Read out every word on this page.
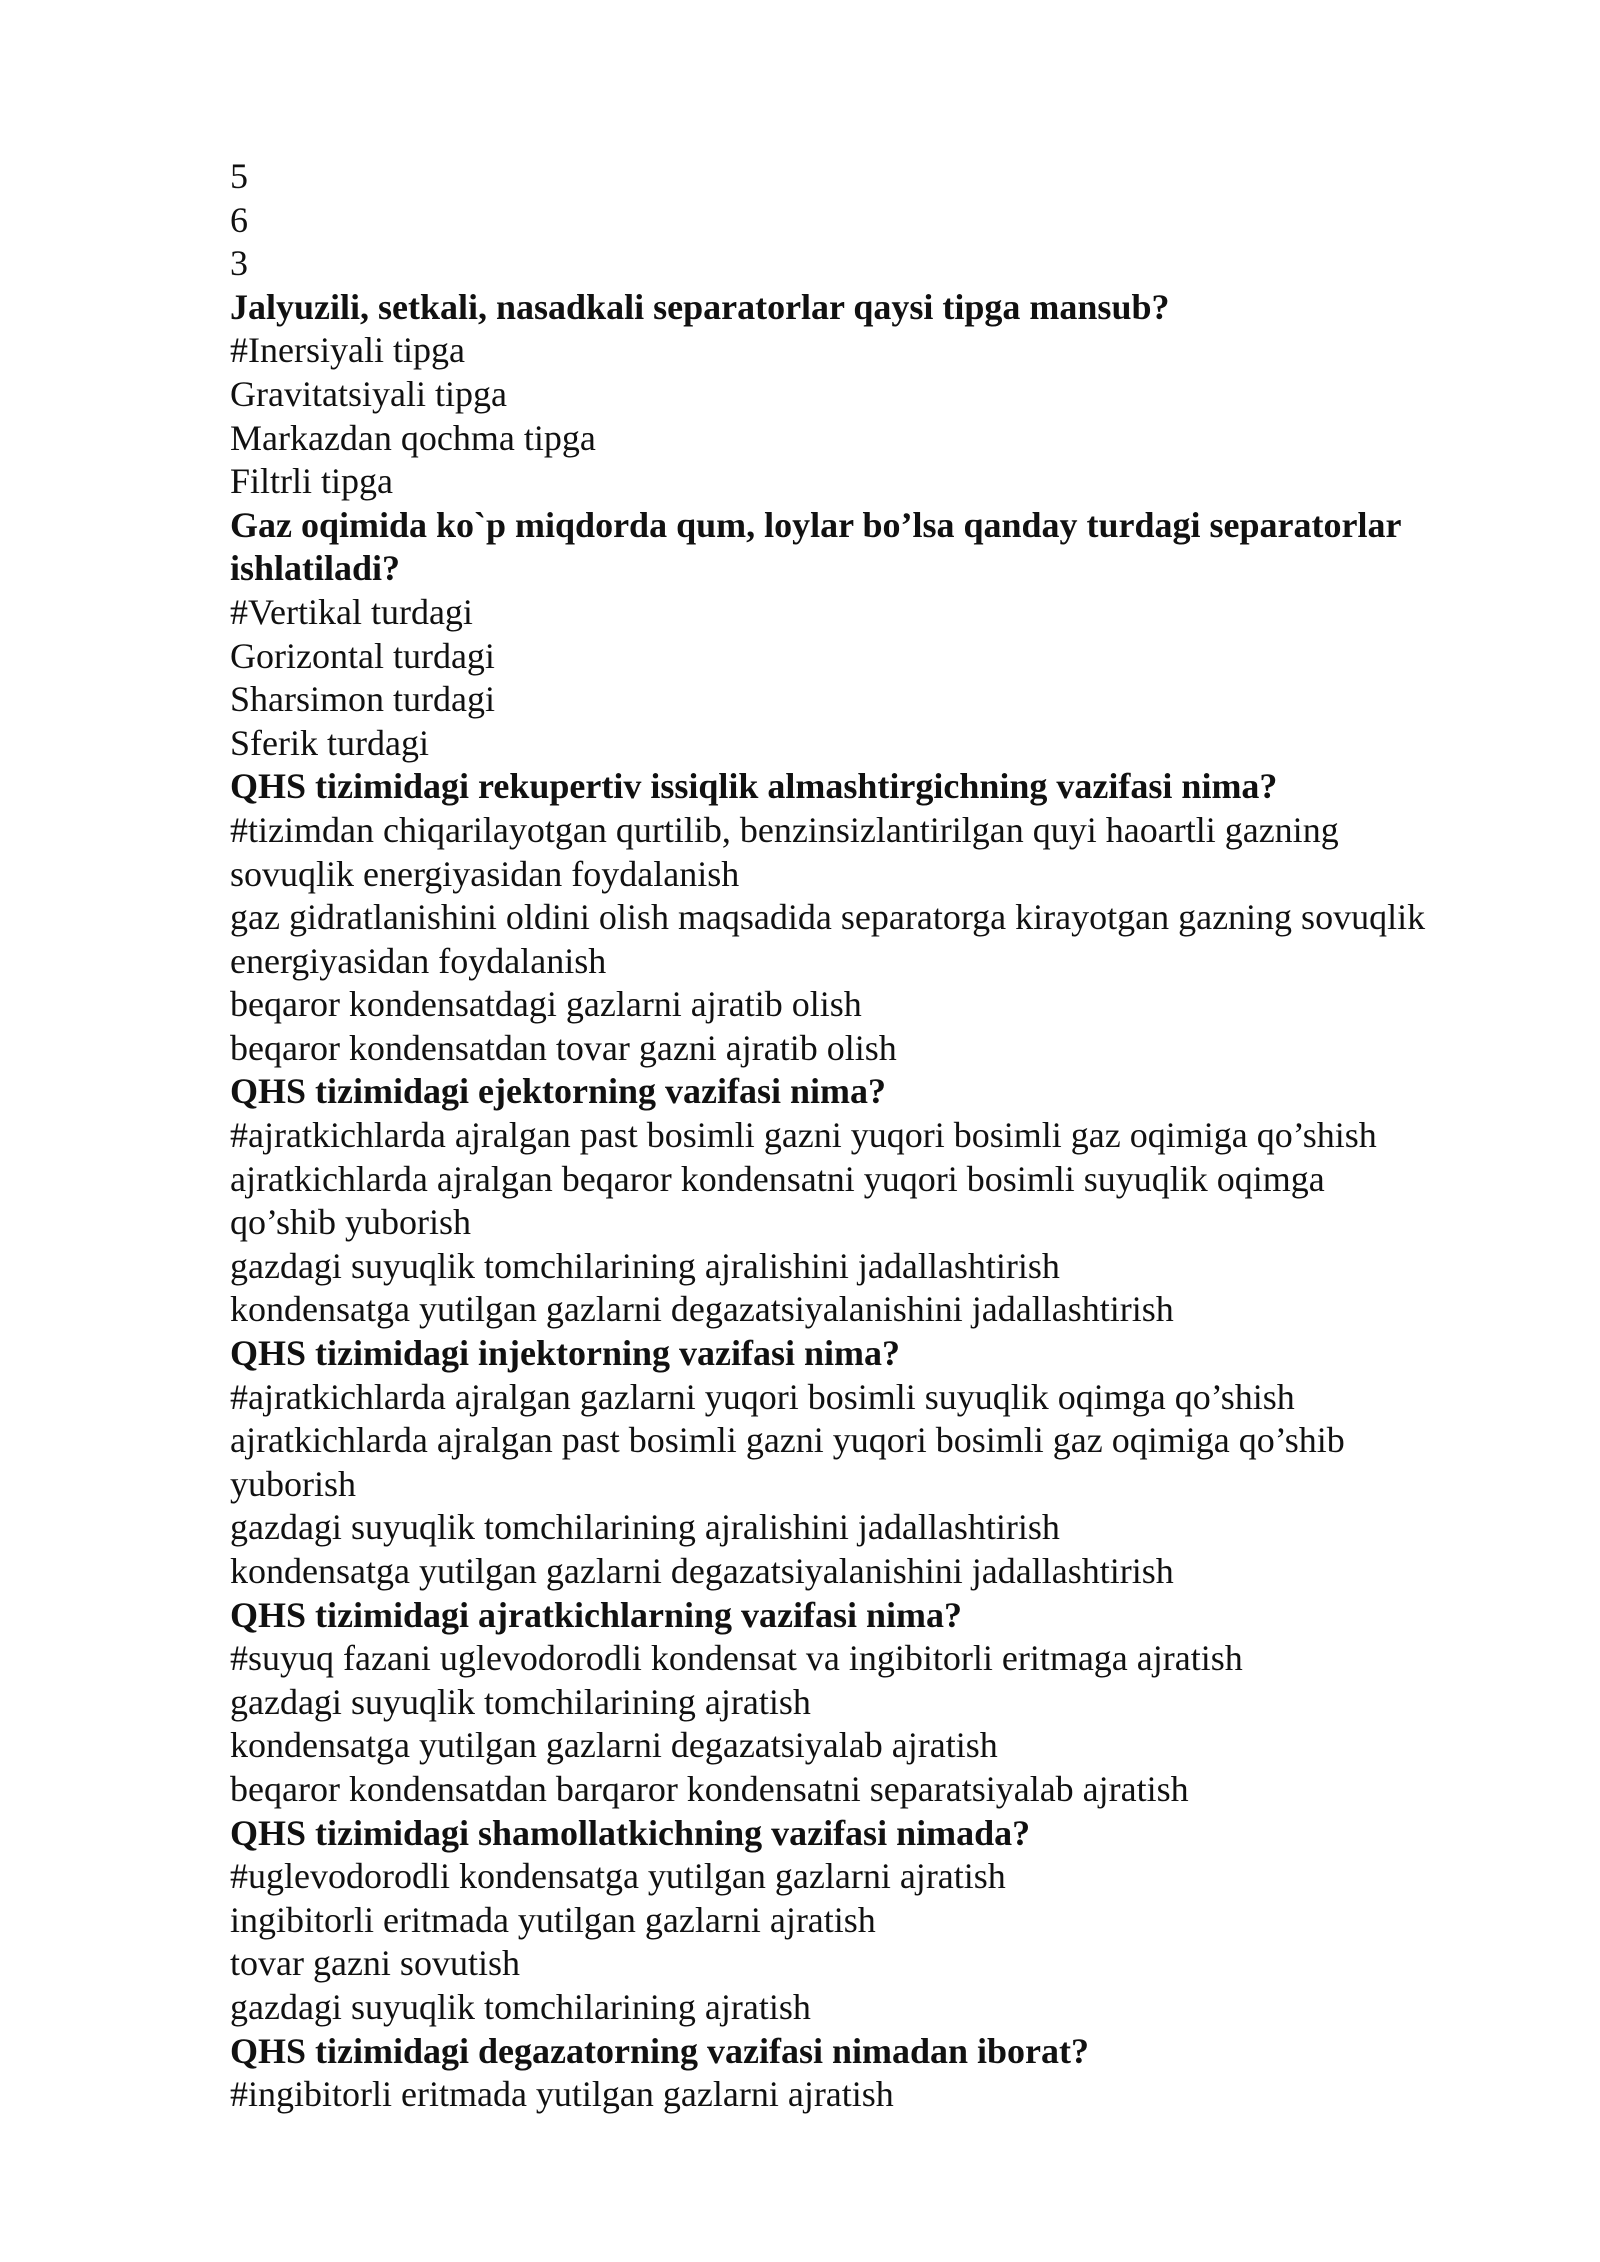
5
6
3
Jalyuzili, setkali, nasadkali separatorlar qaysi tipga mansub?
#Inersiyali tipga
Gravitatsiyali tipga
Markazdan qochma tipga
Filtrli tipga
Gaz oqimida ko`p miqdorda qum, loylar bo’lsa qanday turdagi separatorlar
ishlatiladi?
#Vertikal turdagi
Gorizontal turdagi
Sharsimon turdagi
Sferik turdagi
QHS tizimidagi rekupertiv issiqlik almashtirgichning vazifasi nima?
#tizimdan chiqarilayotgan qurtilib, benzinsizlantirilgan quyi haoartli gazning
sovuqlik energiyasidan foydalanish
gaz gidratlanishini oldini olish maqsadida separatorga kirayotgan gazning sovuqlik
energiyasidan foydalanish
beqaror kondensatdagi gazlarni ajratib olish
beqaror kondensatdan tovar gazni ajratib olish
QHS tizimidagi ejektorning vazifasi nima?
#ajratkichlarda ajralgan past bosimli gazni yuqori bosimli gaz oqimiga qo’shish
ajratkichlarda ajralgan beqaror kondensatni yuqori bosimli suyuqlik oqimga
qo’shib yuborish
gazdagi suyuqlik tomchilarining ajralishini jadallashtirish
kondensatga yutilgan gazlarni degazatsiyalanishini jadallashtirish
QHS tizimidagi injektorning vazifasi nima?
#ajratkichlarda ajralgan gazlarni yuqori bosimli suyuqlik oqimga qo’shish
ajratkichlarda ajralgan past bosimli gazni yuqori bosimli gaz oqimiga qo’shib
yuborish
gazdagi suyuqlik tomchilarining ajralishini jadallashtirish
kondensatga yutilgan gazlarni degazatsiyalanishini jadallashtirish
QHS tizimidagi ajratkichlarning vazifasi nima?
#suyuq fazani uglevodorodli kondensat va ingibitorli eritmaga ajratish
gazdagi suyuqlik tomchilarining ajratish
kondensatga yutilgan gazlarni degazatsiyalab ajratish
beqaror kondensatdan barqaror kondensatni separatsiyalab ajratish
QHS tizimidagi shamollatkichning vazifasi nimada?
#uglevodorodli kondensatga yutilgan gazlarni ajratish
ingibitorli eritmada yutilgan gazlarni ajratish
tovar gazni sovutish
gazdagi suyuqlik tomchilarining ajratish
QHS tizimidagi degazatorning vazifasi nimadan iborat?
#ingibitorli eritmada yutilgan gazlarni ajratish
